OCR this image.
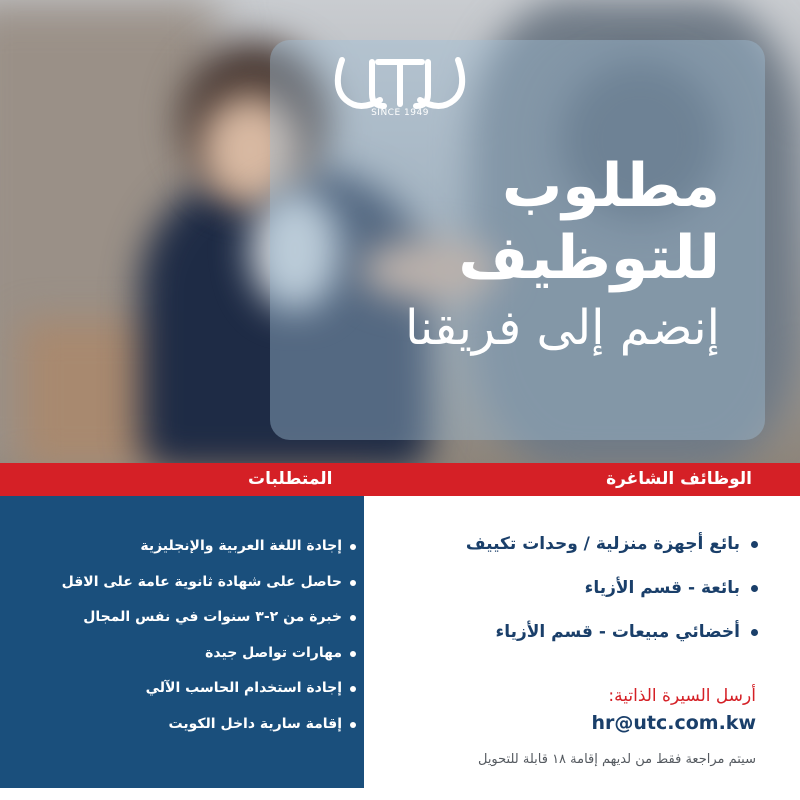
SINCE 1949
مطلوب
للتوظيف
إنضم إلى فريقنا
الوظائف الشاغرة
المتطلبات
إجادة اللغة العربية والإنجليزية
حاصل على شهادة ثانوية عامة على الاقل
خبرة من ٢-٣ سنوات في نفس المجال
مهارات تواصل جيدة
إجادة استخدام الحاسب الآلي
إقامة سارية داخل الكويت
بائع أجهزة منزلية / وحدات تكييف
بائعة - قسم الأزياء
أخضائي مبيعات - قسم الأزياء
أرسل السيرة الذاتية:
hr@utc.com.kw
سيتم مراجعة فقط من لديهم إقامة ١٨ قابلة للتحويل
